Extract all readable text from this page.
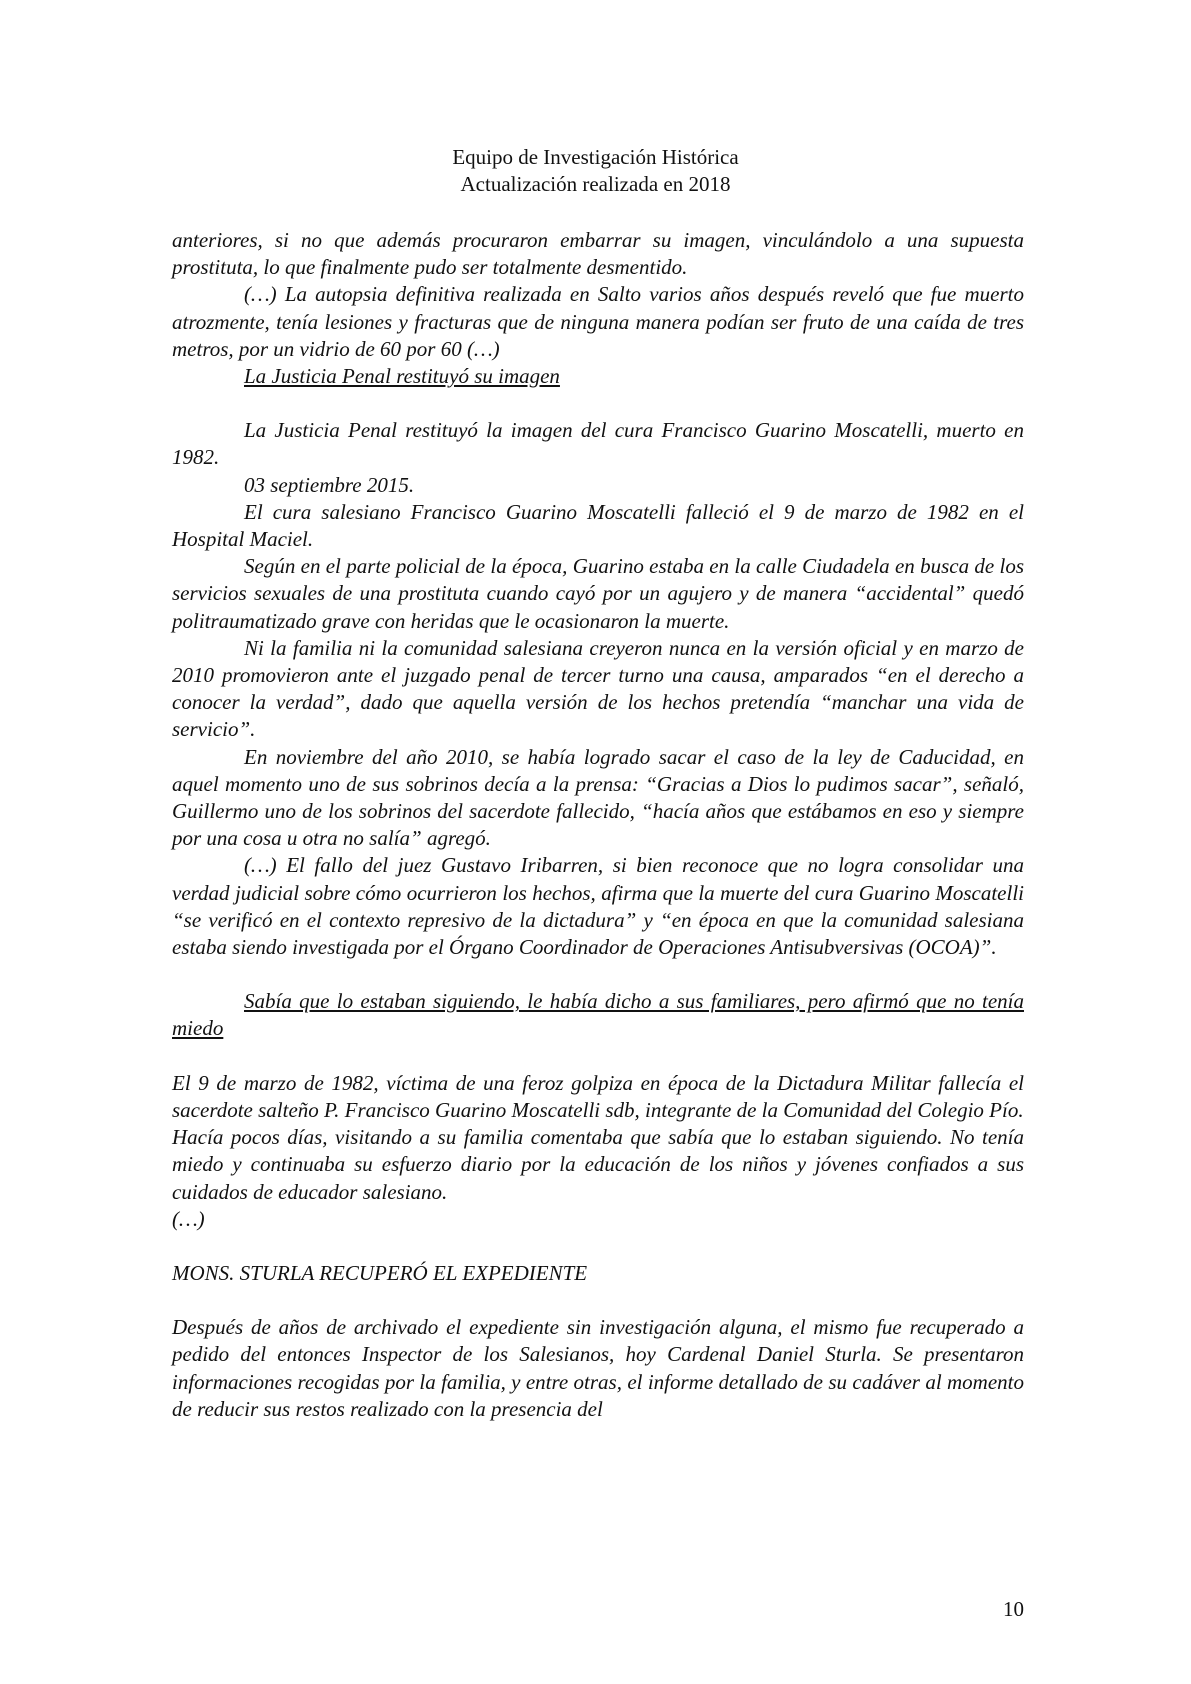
Equipo de Investigación Histórica
Actualización realizada en 2018

anteriores, si no que además procuraron embarrar su imagen, vinculándolo a una supuesta prostituta, lo que finalmente pudo ser totalmente desmentido.

(…) La autopsia definitiva realizada en Salto varios años después reveló que fue muerto atrozmente, tenía lesiones y fracturas que de ninguna manera podían ser fruto de una caída de tres metros, por un vidrio de 60 por 60 (…)

La Justicia Penal restituyó su imagen

La Justicia Penal restituyó la imagen del cura Francisco Guarino Moscatelli, muerto en 1982.

03 septiembre 2015.

El cura salesiano Francisco Guarino Moscatelli falleció el 9 de marzo de 1982 en el Hospital Maciel.

Según en el parte policial de la época, Guarino estaba en la calle Ciudadela en busca de los servicios sexuales de una prostituta cuando cayó por un agujero y de manera “accidental” quedó politraumatizado grave con heridas que le ocasionaron la muerte.

Ni la familia ni la comunidad salesiana creyeron nunca en la versión oficial y en marzo de 2010 promovieron ante el juzgado penal de tercer turno una causa, amparados “en el derecho a conocer la verdad”, dado que aquella versión de los hechos pretendía “manchar una vida de servicio”.

En noviembre del año 2010, se había logrado sacar el caso de la ley de Caducidad, en aquel momento uno de sus sobrinos decía a la prensa: “Gracias a Dios lo pudimos sacar”, señaló, Guillermo uno de los sobrinos del sacerdote fallecido, “hacía años que estábamos en eso y siempre por una cosa u otra no salía” agregó.

(…) El fallo del juez Gustavo Iribarren, si bien reconoce que no logra consolidar una verdad judicial sobre cómo ocurrieron los hechos, afirma que la muerte del cura Guarino Moscatelli “se verificó en el contexto represivo de la dictadura” y “en época en que la comunidad salesiana estaba siendo investigada por el Órgano Coordinador de Operaciones Antisubversivas (OCOA)”.

Sabía que lo estaban siguiendo, le había dicho a sus familiares, pero afirmó que no tenía miedo

El 9 de marzo de 1982, víctima de una feroz golpiza en época de la Dictadura Militar fallecía el sacerdote salteño P. Francisco Guarino Moscatelli sdb, integrante de la Comunidad del Colegio Pío.

Hacía pocos días, visitando a su familia comentaba que sabía que lo estaban siguiendo. No tenía miedo y continuaba su esfuerzo diario por la educación de los niños y jóvenes confiados a sus cuidados de educador salesiano.

(…)

MONS. STURLA RECUPERÓ EL EXPEDIENTE

Después de años de archivado el expediente sin investigación alguna, el mismo fue recuperado a pedido del entonces Inspector de los Salesianos, hoy Cardenal Daniel Sturla. Se presentaron informaciones recogidas por la familia, y entre otras, el informe detallado de su cadáver al momento de reducir sus restos realizado con la presencia del

10
